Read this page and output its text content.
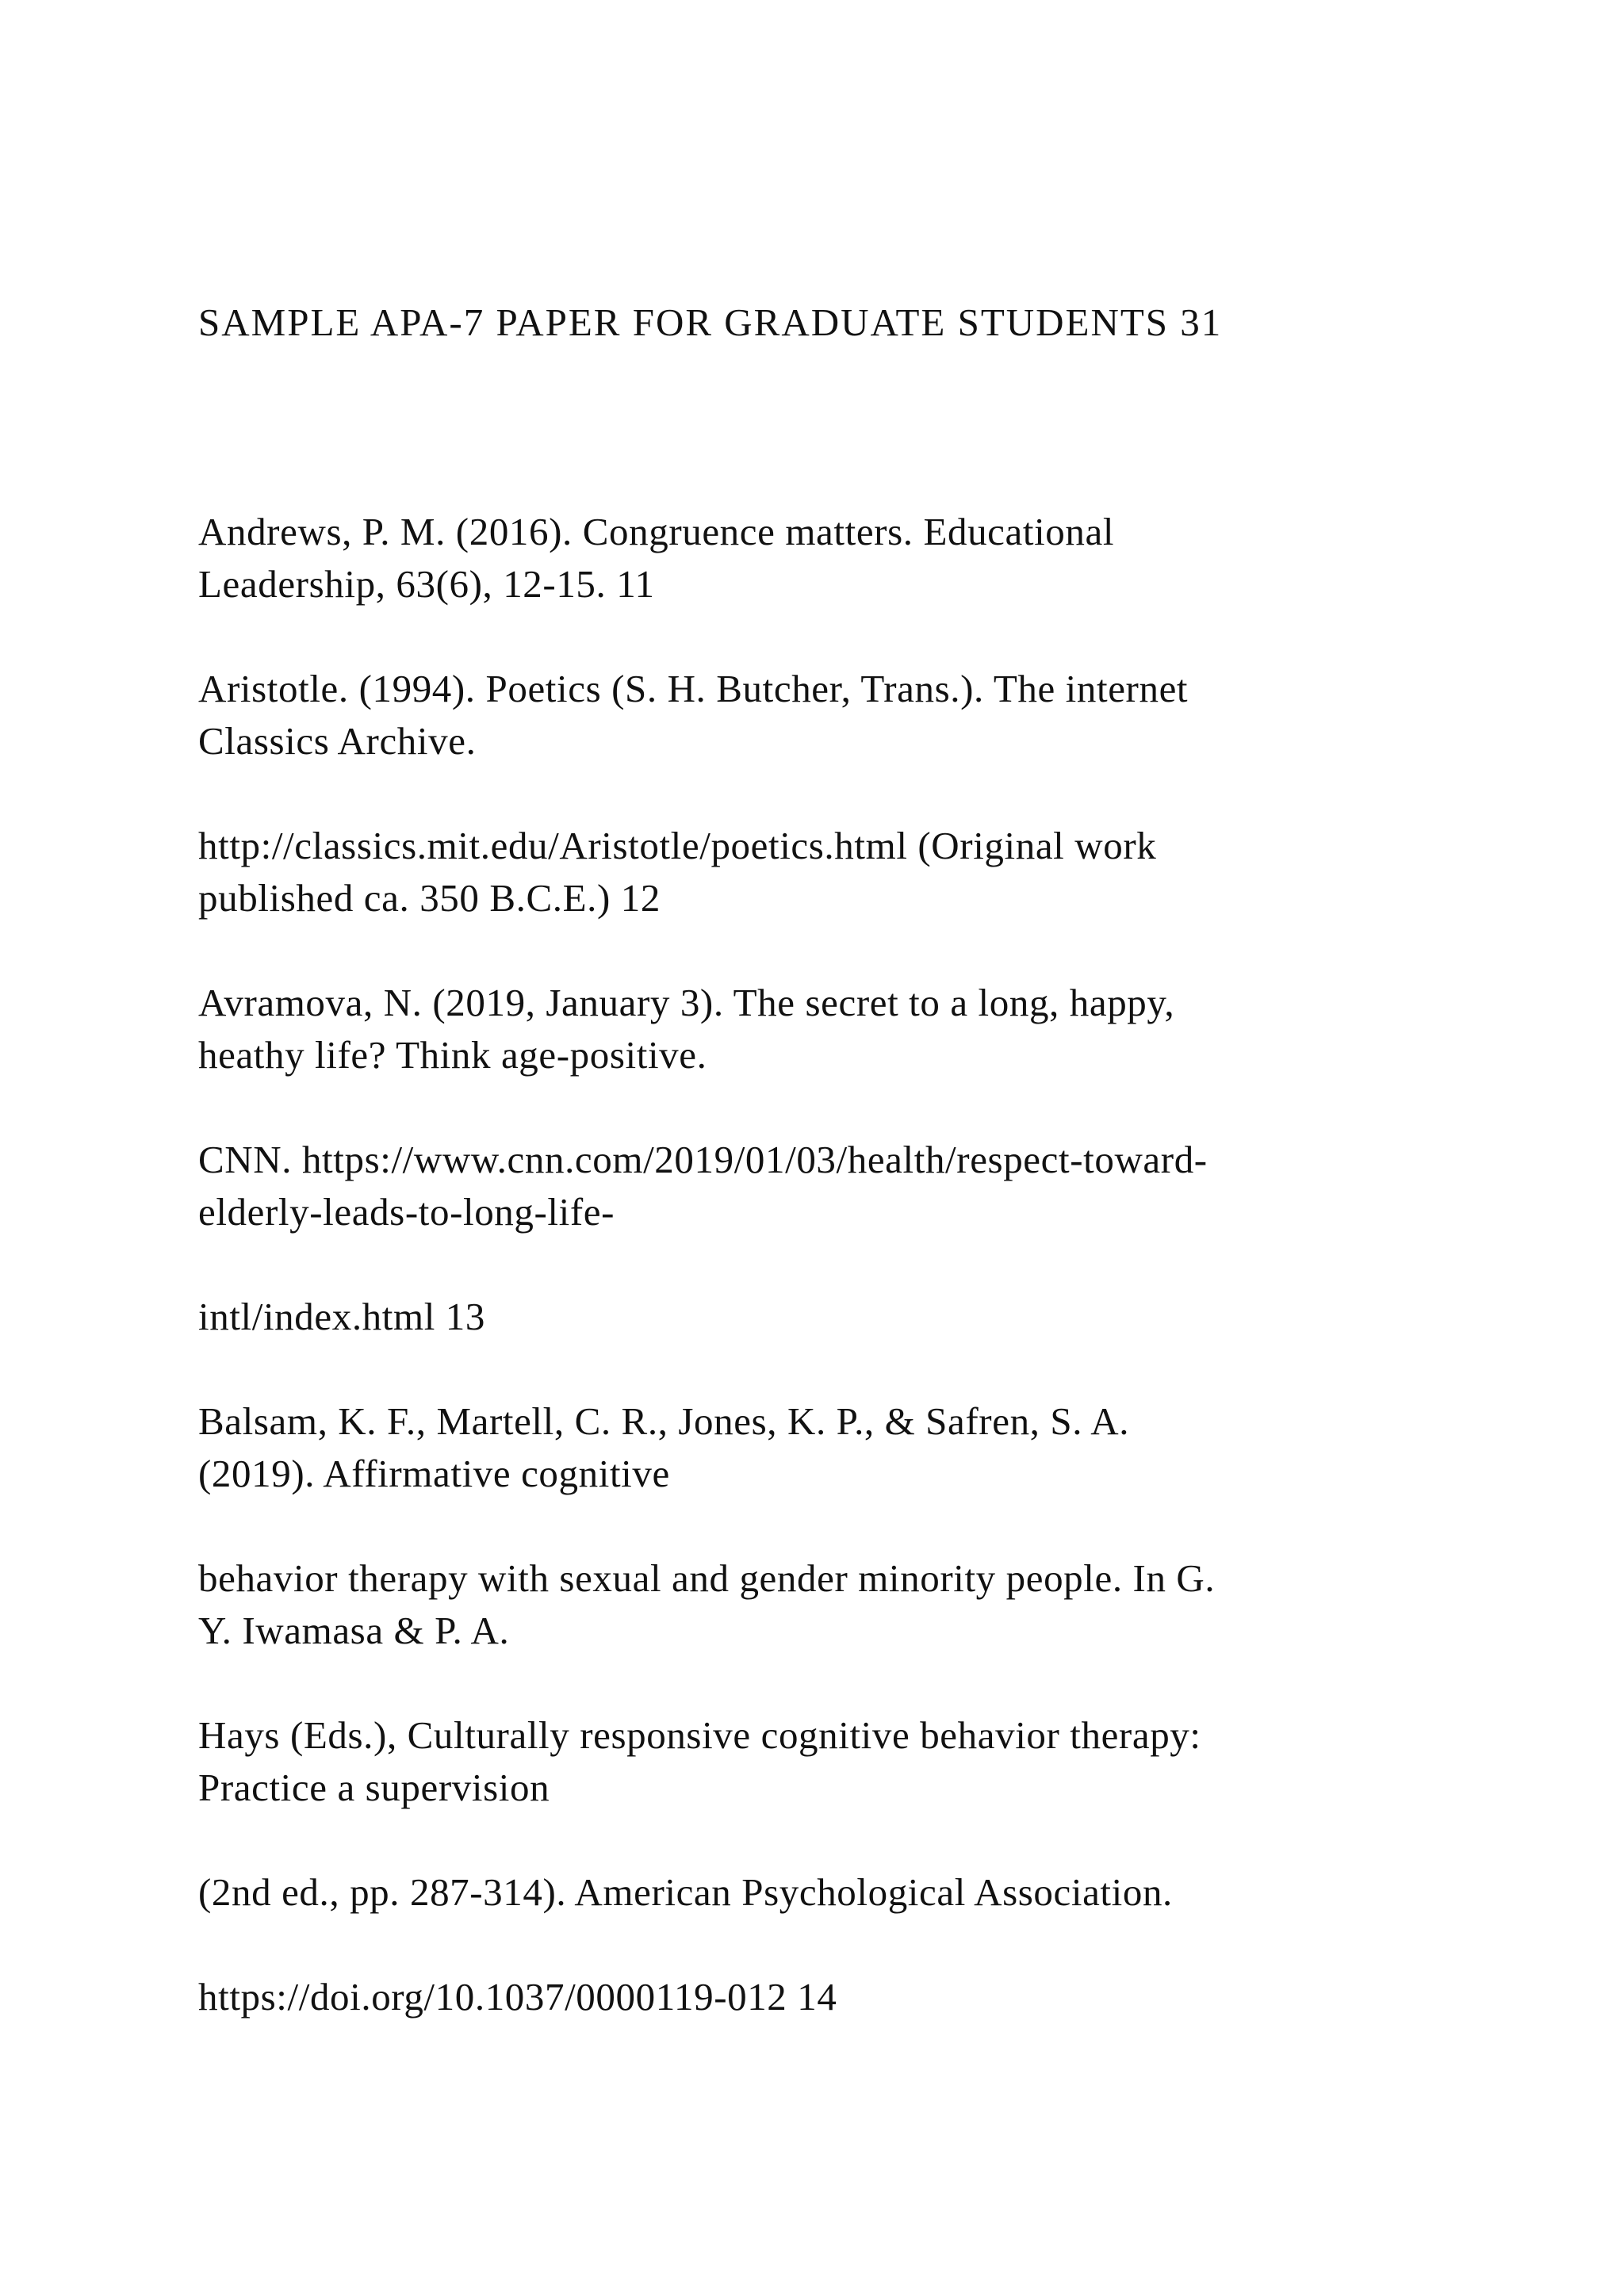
SAMPLE APA-7 PAPER FOR GRADUATE STUDENTS 31

Andrews, P. M. (2016). Congruence matters. Educational
Leadership, 63(6), 12-15. 11

Aristotle. (1994). Poetics (S. H. Butcher, Trans.). The internet
Classics Archive.

http://classics.mit.edu/Aristotle/poetics.html (Original work
published ca. 350 B.C.E.) 12

Avramova, N. (2019, January 3). The secret to a long, happy,
heathy life? Think age-positive.

CNN. https://www.cnn.com/2019/01/03/health/respect-toward-
elderly-leads-to-long-life-

intl/index.html 13

Balsam, K. F., Martell, C. R., Jones, K. P., & Safren, S. A.
(2019). Affirmative cognitive

behavior therapy with sexual and gender minority people. In G.
Y. Iwamasa & P. A.

Hays (Eds.), Culturally responsive cognitive behavior therapy:
Practice a supervision

(2nd ed., pp. 287-314). American Psychological Association.

https://doi.org/10.1037/0000119-012 14
